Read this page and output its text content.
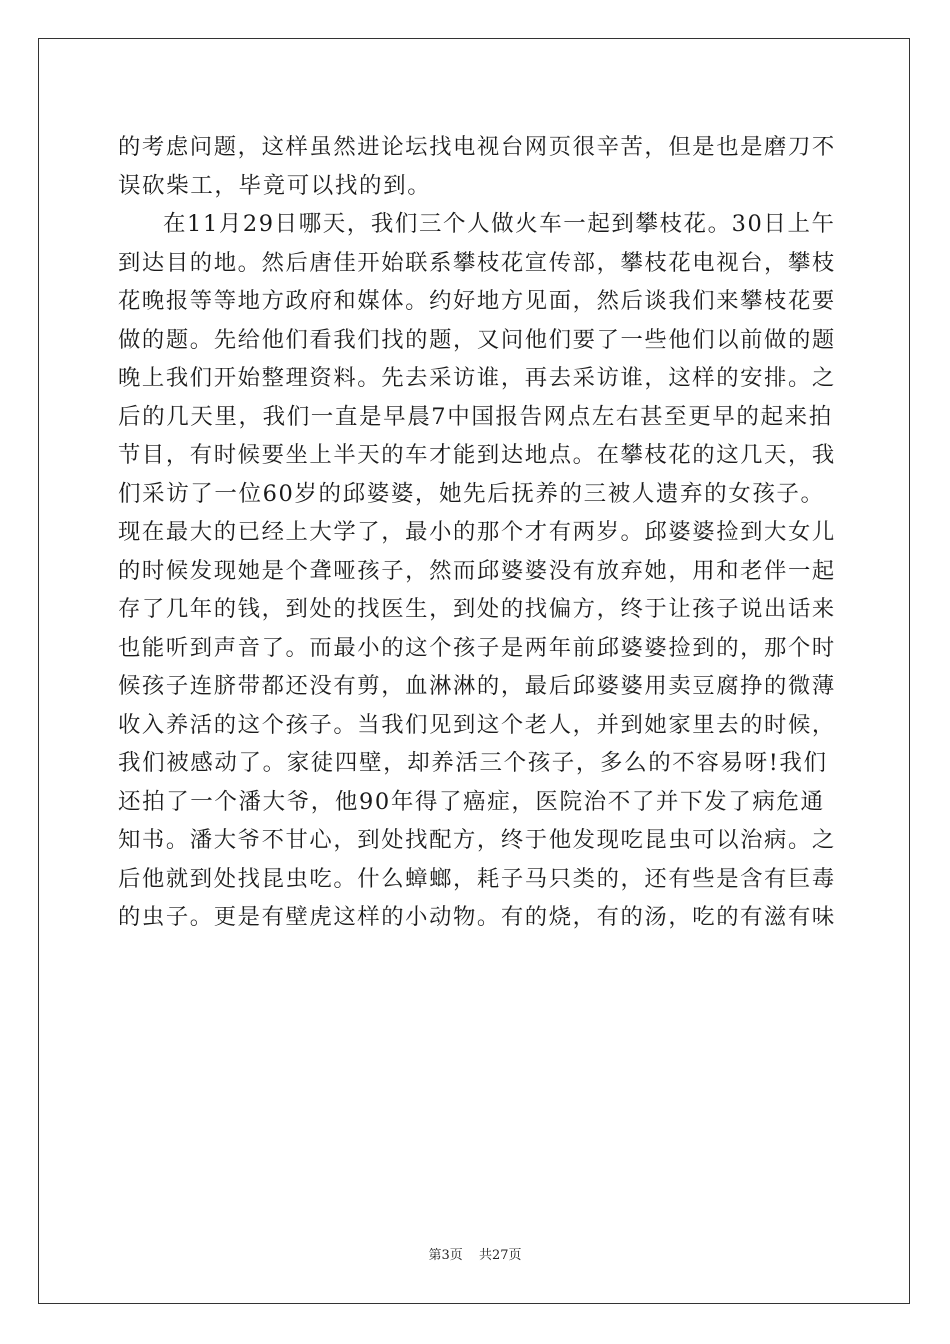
的考虑问题，这样虽然进论坛找电视台网页很辛苦，但是也是磨刀不
误砍柴工，毕竟可以找的到。

在11月29日哪天，我们三个人做火车一起到攀枝花。30日上午
到达目的地。然后唐佳开始联系攀枝花宣传部，攀枝花电视台，攀枝
花晚报等等地方政府和媒体。约好地方见面，然后谈我们来攀枝花要
做的题。先给他们看我们找的题，又问他们要了一些他们以前做的题
晚上我们开始整理资料。先去采访谁，再去采访谁，这样的安排。之
后的几天里，我们一直是早晨7中国报告网点左右甚至更早的起来拍
节目，有时候要坐上半天的车才能到达地点。在攀枝花的这几天，我
们采访了一位60岁的邱婆婆，她先后抚养的三被人遗弃的女孩子。
现在最大的已经上大学了，最小的那个才有两岁。邱婆婆捡到大女儿
的时候发现她是个聋哑孩子，然而邱婆婆没有放弃她，用和老伴一起
存了几年的钱，到处的找医生，到处的找偏方，终于让孩子说出话来
也能听到声音了。而最小的这个孩子是两年前邱婆婆捡到的，那个时
候孩子连脐带都还没有剪，血淋淋的，最后邱婆婆用卖豆腐挣的微薄
收入养活的这个孩子。当我们见到这个老人，并到她家里去的时候，
我们被感动了。家徒四壁，却养活三个孩子，多么的不容易呀!我们
还拍了一个潘大爷，他90年得了癌症，医院治不了并下发了病危通
知书。潘大爷不甘心，到处找配方，终于他发现吃昆虫可以治病。之
后他就到处找昆虫吃。什么蟑螂，耗子马只类的，还有些是含有巨毒
的虫子。更是有壁虎这样的小动物。有的烧，有的汤，吃的有滋有味

第3页 共27页
